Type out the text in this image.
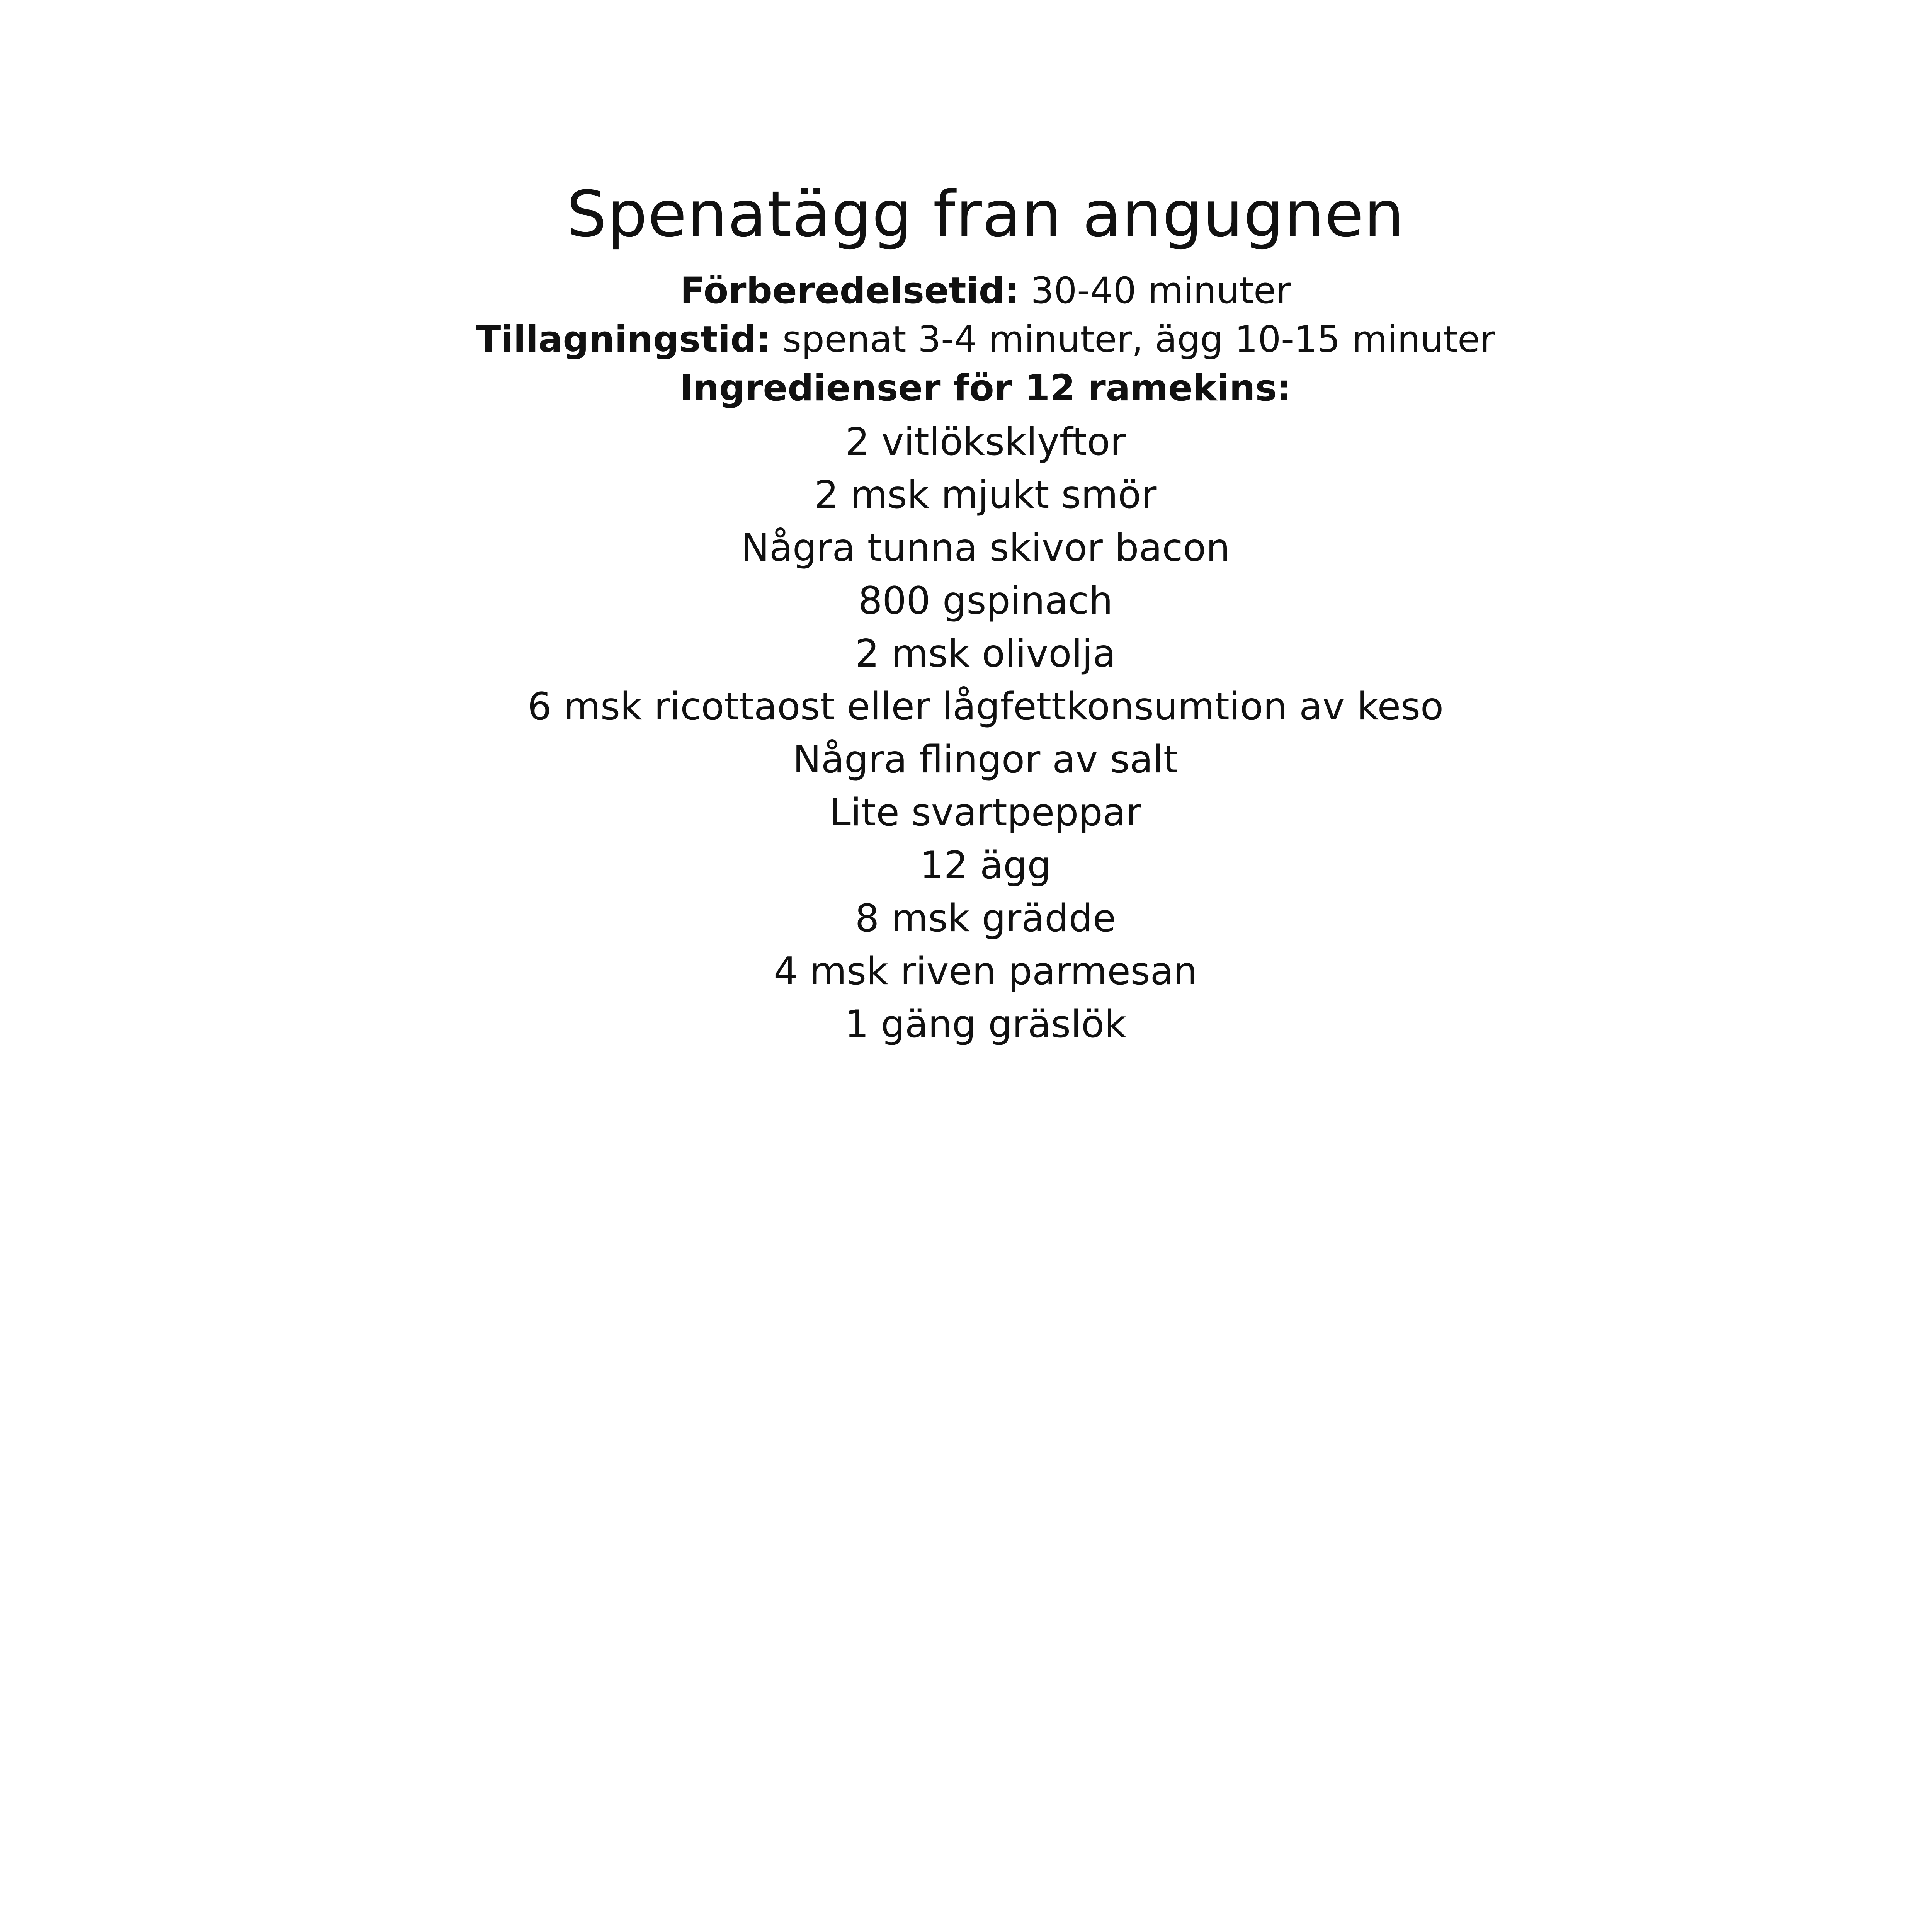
Spenatägg fran angugnen

Förberedelsetid: 30-40 minuter

Tillagningstid: spenat 3-4 minuter, ägg 10-15 minuter

Ingredienser för 12 ramekins:

2 vitlöksklyftor
2 msk mjukt smör
Några tunna skivor bacon
800 gspinach
2 msk olivolja
6 msk ricottaost eller lågfettkonsumtion av keso
Några flingor av salt
Lite svartpeppar
12 ägg
8 msk grädde
4 msk riven parmesan
1 gäng gräslök
